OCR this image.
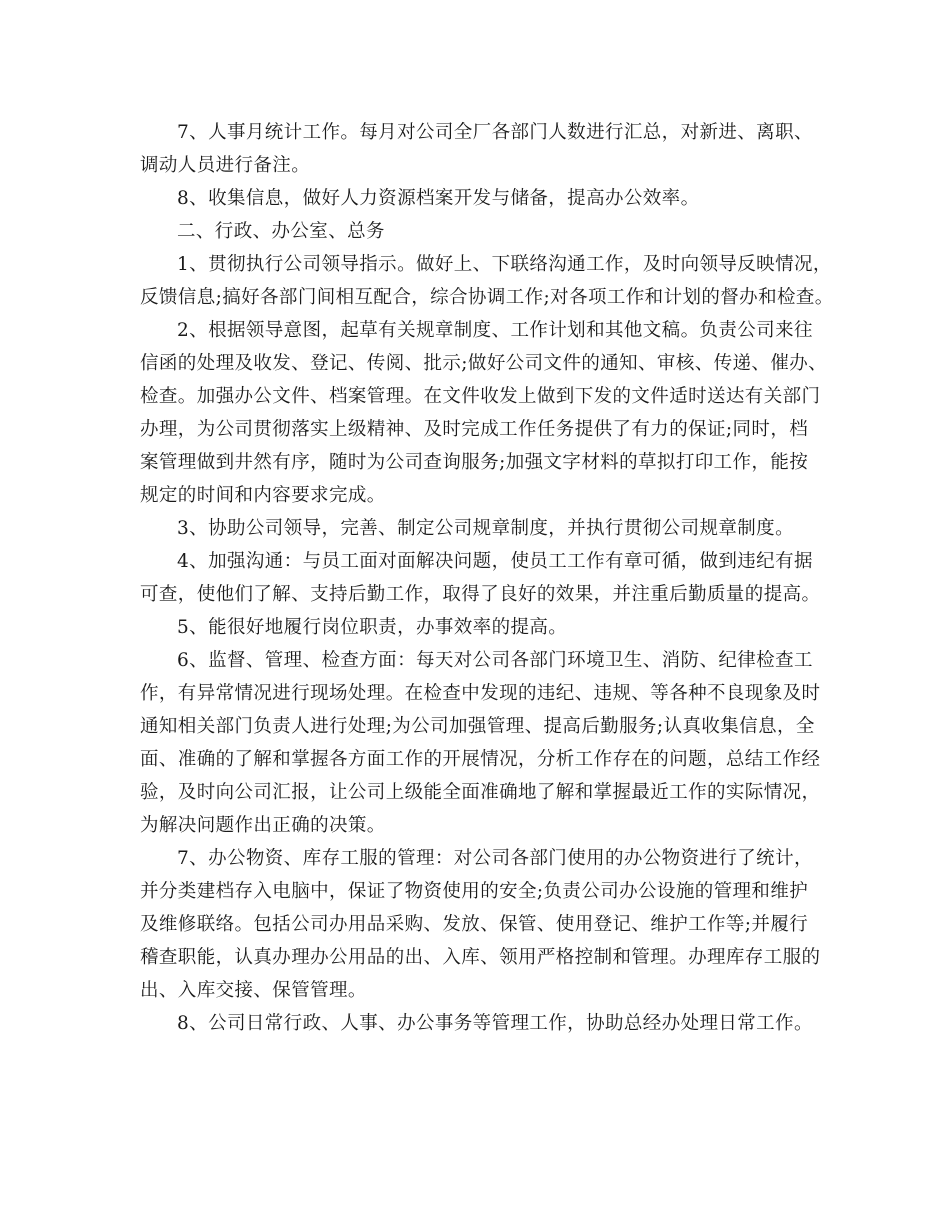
7、人事月统计工作。每月对公司全厂各部门人数进行汇总，对新进、离职、
调动人员进行备注。
8、收集信息，做好人力资源档案开发与储备，提高办公效率。
二、行政、办公室、总务
1、贯彻执行公司领导指示。做好上、下联络沟通工作，及时向领导反映情况，
反馈信息;搞好各部门间相互配合，综合协调工作;对各项工作和计划的督办和检查。
2、根据领导意图，起草有关规章制度、工作计划和其他文稿。负责公司来往
信函的处理及收发、登记、传阅、批示;做好公司文件的通知、审核、传递、催办、
检查。加强办公文件、档案管理。在文件收发上做到下发的文件适时送达有关部门
办理，为公司贯彻落实上级精神、及时完成工作任务提供了有力的保证;同时，档
案管理做到井然有序，随时为公司查询服务;加强文字材料的草拟打印工作，能按
规定的时间和内容要求完成。
3、协助公司领导，完善、制定公司规章制度，并执行贯彻公司规章制度。
4、加强沟通：与员工面对面解决问题，使员工工作有章可循，做到违纪有据
可查，使他们了解、支持后勤工作，取得了良好的效果，并注重后勤质量的提高。
5、能很好地履行岗位职责，办事效率的提高。
6、监督、管理、检查方面：每天对公司各部门环境卫生、消防、纪律检查工
作，有异常情况进行现场处理。在检查中发现的违纪、违规、等各种不良现象及时
通知相关部门负责人进行处理;为公司加强管理、提高后勤服务;认真收集信息，全
面、准确的了解和掌握各方面工作的开展情况，分析工作存在的问题，总结工作经
验，及时向公司汇报，让公司上级能全面准确地了解和掌握最近工作的实际情况，
为解决问题作出正确的决策。
7、办公物资、库存工服的管理：对公司各部门使用的办公物资进行了统计，
并分类建档存入电脑中，保证了物资使用的安全;负责公司办公设施的管理和维护
及维修联络。包括公司办用品采购、发放、保管、使用登记、维护工作等;并履行
稽查职能，认真办理办公用品的出、入库、领用严格控制和管理。办理库存工服的
出、入库交接、保管管理。
8、公司日常行政、人事、办公事务等管理工作，协助总经办处理日常工作。
